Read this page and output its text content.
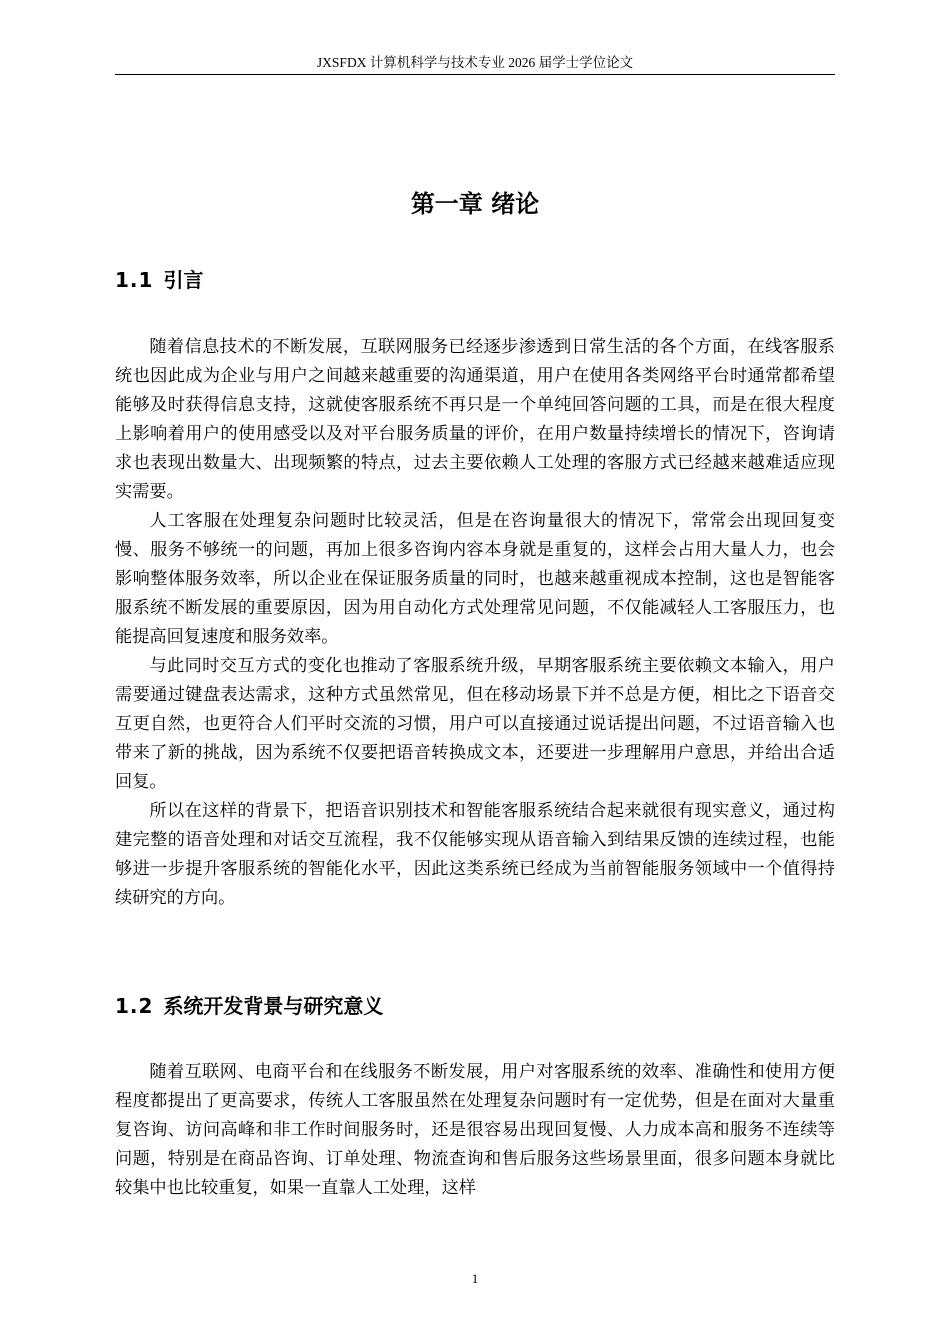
JXSFDX 计算机科学与技术专业 2026 届学士学位论文
第一章 绪论
1.1 引言

随着信息技术的不断发展，互联网服务已经逐步渗透到日常生活的各个方面，在线客服系统也因此成为企业与用户之间越来越重要的沟通渠道，用户在使用各类网络平台时通常都希望能够及时获得信息支持，这就使客服系统不再只是一个单纯回答问题的工具，而是在很大程度上影响着用户的使用感受以及对平台服务质量的评价，在用户数量持续增长的情况下，咨询请求也表现出数量大、出现频繁的特点，过去主要依赖人工处理的客服方式已经越来越难适应现实需要。

人工客服在处理复杂问题时比较灵活，但是在咨询量很大的情况下，常常会出现回复变慢、服务不够统一的问题，再加上很多咨询内容本身就是重复的，这样会占用大量人力，也会影响整体服务效率，所以企业在保证服务质量的同时，也越来越重视成本控制，这也是智能客服系统不断发展的重要原因，因为用自动化方式处理常见问题，不仅能减轻人工客服压力，也能提高回复速度和服务效率。

与此同时交互方式的变化也推动了客服系统升级，早期客服系统主要依赖文本输入，用户需要通过键盘表达需求，这种方式虽然常见，但在移动场景下并不总是方便，相比之下语音交互更自然，也更符合人们平时交流的习惯，用户可以直接通过说话提出问题，不过语音输入也带来了新的挑战，因为系统不仅要把语音转换成文本，还要进一步理解用户意思，并给出合适回复。

所以在这样的背景下，把语音识别技术和智能客服系统结合起来就很有现实意义，通过构建完整的语音处理和对话交互流程，我不仅能够实现从语音输入到结果反馈的连续过程，也能够进一步提升客服系统的智能化水平，因此这类系统已经成为当前智能服务领域中一个值得持续研究的方向。

1.2 系统开发背景与研究意义

随着互联网、电商平台和在线服务不断发展，用户对客服系统的效率、准确性和使用方便程度都提出了更高要求，传统人工客服虽然在处理复杂问题时有一定优势，但是在面对大量重复咨询、访问高峰和非工作时间服务时，还是很容易出现回复慢、人力成本高和服务不连续等问题，特别是在商品咨询、订单处理、物流查询和售后服务这些场景里面，很多问题本身就比较集中也比较重复，如果一直靠人工处理，这样

1
